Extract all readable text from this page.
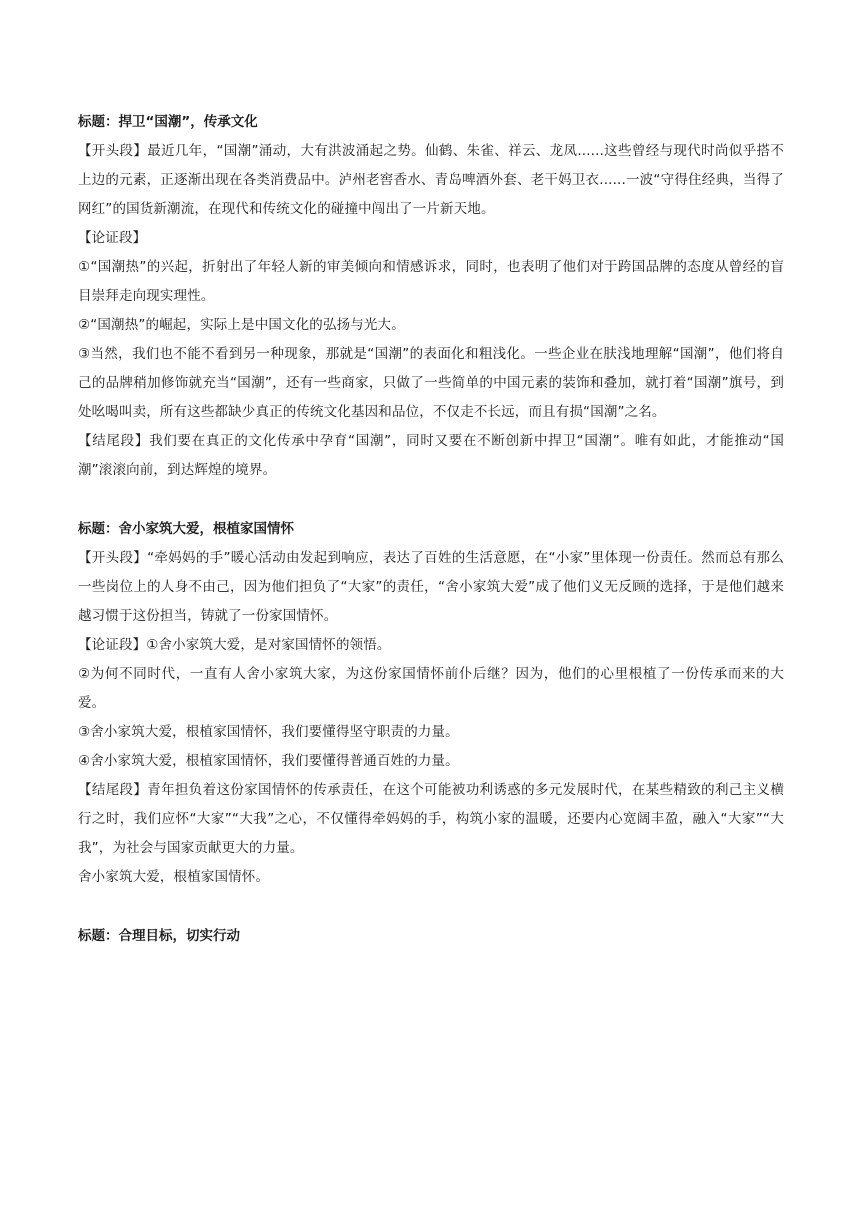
标题：捍卫“国潮”，传承文化

【开头段】最近几年，“国潮”涌动，大有洪波涌起之势。仙鹤、朱雀、祥云、龙凤......这些曾经与现代时尚似乎搭不上边的元素，正逐渐出现在各类消费品中。泸州老窖香水、青岛啤酒外套、老干妈卫衣......一波“守得住经典，当得了网红”的国货新潮流，在现代和传统文化的碰撞中闯出了一片新天地。

【论证段】

①“国潮热”的兴起，折射出了年轻人新的审美倾向和情感诉求，同时，也表明了他们对于跨国品牌的态度从曾经的盲目崇拜走向现实理性。

②“国潮热”的崛起，实际上是中国文化的弘扬与光大。

③当然，我们也不能不看到另一种现象，那就是“国潮”的表面化和粗浅化。一些企业在肤浅地理解“国潮”，他们将自己的品牌稍加修饰就充当“国潮”，还有一些商家，只做了一些简单的中国元素的装饰和叠加，就打着“国潮”旗号，到处吆喝叫卖，所有这些都缺少真正的传统文化基因和品位，不仅走不长远，而且有损“国潮”之名。

【结尾段】我们要在真正的文化传承中孕育“国潮”，同时又要在不断创新中捍卫“国潮”。唯有如此，才能推动“国潮”滚滚向前，到达辉煌的境界。

标题：舍小家筑大爱，根植家国情怀

【开头段】“牵妈妈的手”暖心活动由发起到响应，表达了百姓的生活意愿，在“小家”里体现一份责任。然而总有那么一些岗位上的人身不由己，因为他们担负了“大家”的责任，“舍小家筑大爱”成了他们义无反顾的选择，于是他们越来越习惯于这份担当，铸就了一份家国情怀。

【论证段】①舍小家筑大爱，是对家国情怀的领悟。

②为何不同时代，一直有人舍小家筑大家，为这份家国情怀前仆后继？因为，他们的心里根植了一份传承而来的大爱。

③舍小家筑大爱，根植家国情怀，我们要懂得坚守职责的力量。

④舍小家筑大爱，根植家国情怀，我们要懂得普通百姓的力量。

【结尾段】青年担负着这份家国情怀的传承责任，在这个可能被功利诱惑的多元发展时代，在某些精致的利己主义横行之时，我们应怀“大家”“大我”之心，不仅懂得牵妈妈的手，构筑小家的温暖，还要内心宽阔丰盈，融入“大家”“大我”，为社会与国家贡献更大的力量。

舍小家筑大爱，根植家国情怀。

标题：合理目标，切实行动
